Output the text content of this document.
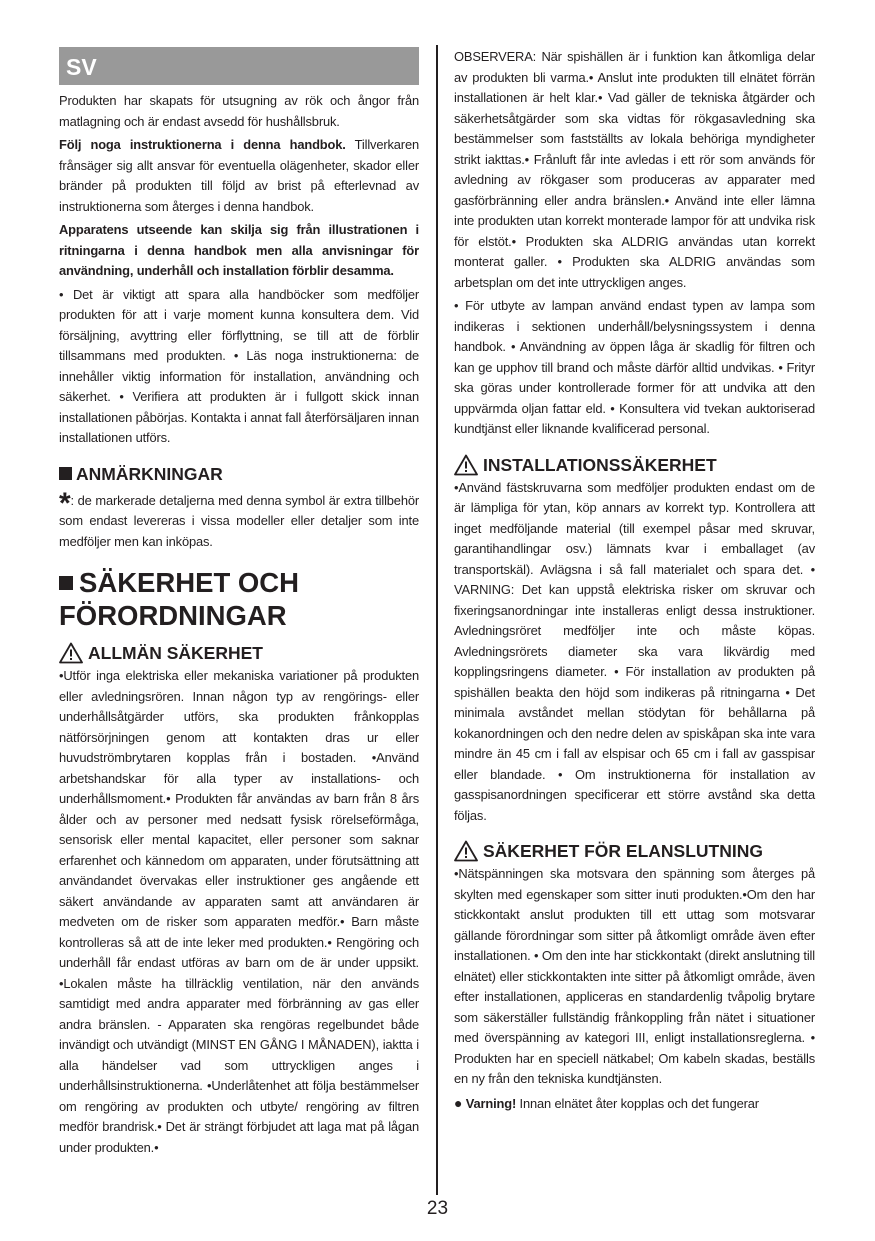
SV

Produkten har skapats för utsugning av rök och ångor från matlagning och är endast avsedd för hushållsbruk.

Följ noga instruktionerna i denna handbok. Tillverkaren frånsäger sig allt ansvar för eventuella olägenheter, skador eller bränder på produkten till följd av brist på efterlevnad av instruktionerna som återges i denna handbok.

Apparatens utseende kan skilja sig från illustrationen i ritningarna i denna handbok men alla anvisningar för användning, underhåll och installation förblir desamma.

• Det är viktigt att spara alla handböcker som medföljer produkten för att i varje moment kunna konsultera dem. Vid försäljning, avyttring eller förflyttning, se till att de förblir tillsammans med produkten. • Läs noga instruktionerna: de innehåller viktig information för installation, användning och säkerhet. • Verifiera att produkten är i fullgott skick innan installationen påbörjas. Kontakta i annat fall återförsäljaren innan installationen utförs.

ANMÄRKNINGAR

*: de markerade detaljerna med denna symbol är extra tillbehör som endast levereras i vissa modeller eller detaljer som inte medföljer men kan inköpas.

SÄKERHET OCH
FÖRORDNINGAR
ALLMÄN SÄKERHET

•Utför inga elektriska eller mekaniska variationer på produkten eller avledningsrören. Innan någon typ av rengörings- eller underhållsåtgärder utförs, ska produkten frånkopplas nätförsörjningen genom att kontakten dras ur eller huvudströmbrytaren kopplas från i bostaden. •Använd arbetshandskar för alla typer av installations- och underhållsmoment.• Produkten får användas av barn från 8 års ålder och av personer med nedsatt fysisk rörelseförmåga, sensorisk eller mental kapacitet, eller personer som saknar erfarenhet och kännedom om apparaten, under förutsättning att användandet övervakas eller instruktioner ges angående ett säkert användande av apparaten samt att användaren är medveten om de risker som apparaten medför.• Barn måste kontrolleras så att de inte leker med produkten.• Rengöring och underhåll får endast utföras av barn om de är under uppsikt. •Lokalen måste ha tillräcklig ventilation, när den används samtidigt med andra apparater med förbränning av gas eller andra bränslen. - Apparaten ska rengöras regelbundet både invändigt och utvändigt (MINST EN GÅNG I MÅNADEN), iaktta i alla händelser vad som uttryckligen anges i underhållsinstruktionerna. •Underlåtenhet att följa bestämmelser om rengöring av produkten och utbyte/ rengöring av filtren medför brandrisk.• Det är strängt förbjudet att laga mat på lågan under produkten.•

OBSERVERA: När spishällen är i funktion kan åtkomliga delar av produkten bli varma.• Anslut inte produkten till elnätet förrän installationen är helt klar.• Vad gäller de tekniska åtgärder och säkerhetsåtgärder som ska vidtas för rökgasavledning ska bestämmelser som fastställts av lokala behöriga myndigheter strikt iakttas.• Frånluft får inte avledas i ett rör som används för avledning av rökgaser som produceras av apparater med gasförbränning eller andra bränslen.• Använd inte eller lämna inte produkten utan korrekt monterade lampor för att undvika risk för elstöt.• Produkten ska ALDRIG användas utan korrekt monterat galler. • Produkten ska ALDRIG användas som arbetsplan om det inte uttryckligen anges.

• För utbyte av lampan använd endast typen av lampa som indikeras i sektionen underhåll/belysningssystem i denna handbok. • Användning av öppen låga är skadlig för filtren och kan ge upphov till brand och måste därför alltid undvikas. • Frityr ska göras under kontrollerade former för att undvika att den uppvärmda oljan fattar eld. • Konsultera vid tvekan auktoriserad kundtjänst eller liknande kvalificerad personal.

INSTALLATIONSSÄKERHET

•Använd fästskruvarna som medföljer produkten endast om de är lämpliga för ytan, köp annars av korrekt typ. Kontrollera att inget medföljande material (till exempel påsar med skruvar, garantihandlingar osv.) lämnats kvar i emballaget (av transportskäl). Avlägsna i så fall materialet och spara det. • VARNING: Det kan uppstå elektriska risker om skruvar och fixeringsanordningar inte installeras enligt dessa instruktioner. Avledningsröret medföljer inte och måste köpas. Avledningsrörets diameter ska vara likvärdig med kopplingsringens diameter. • För installation av produkten på spishällen beakta den höjd som indikeras på ritningarna • Det minimala avståndet mellan stödytan för behållarna på kokanordningen och den nedre delen av spiskåpan ska inte vara mindre än 45 cm i fall av elspisar och 65 cm i fall av gasspisar eller blandade. • Om instruktionerna för installation av gasspisanordningen specificerar ett större avstånd ska detta följas.

SÄKERHET FÖR ELANSLUTNING

•Nätspänningen ska motsvara den spänning som återges på skylten med egenskaper som sitter inuti produkten.•Om den har stickkontakt anslut produkten till ett uttag som motsvarar gällande förordningar som sitter på åtkomligt område även efter installationen. • Om den inte har stickkontakt (direkt anslutning till elnätet) eller stickkontakten inte sitter på åtkomligt område, även efter installationen, appliceras en standardenlig tvåpolig brytare som säkerställer fullständig frånkoppling från nätet i situationer med överspänning av kategori III, enligt installationsreglerna. • Produkten har en speciell nätkabel; Om kabeln skadas, beställs en ny från den tekniska kundtjänsten.

● Varning! Innan elnätet åter kopplas och det fungerar

23
